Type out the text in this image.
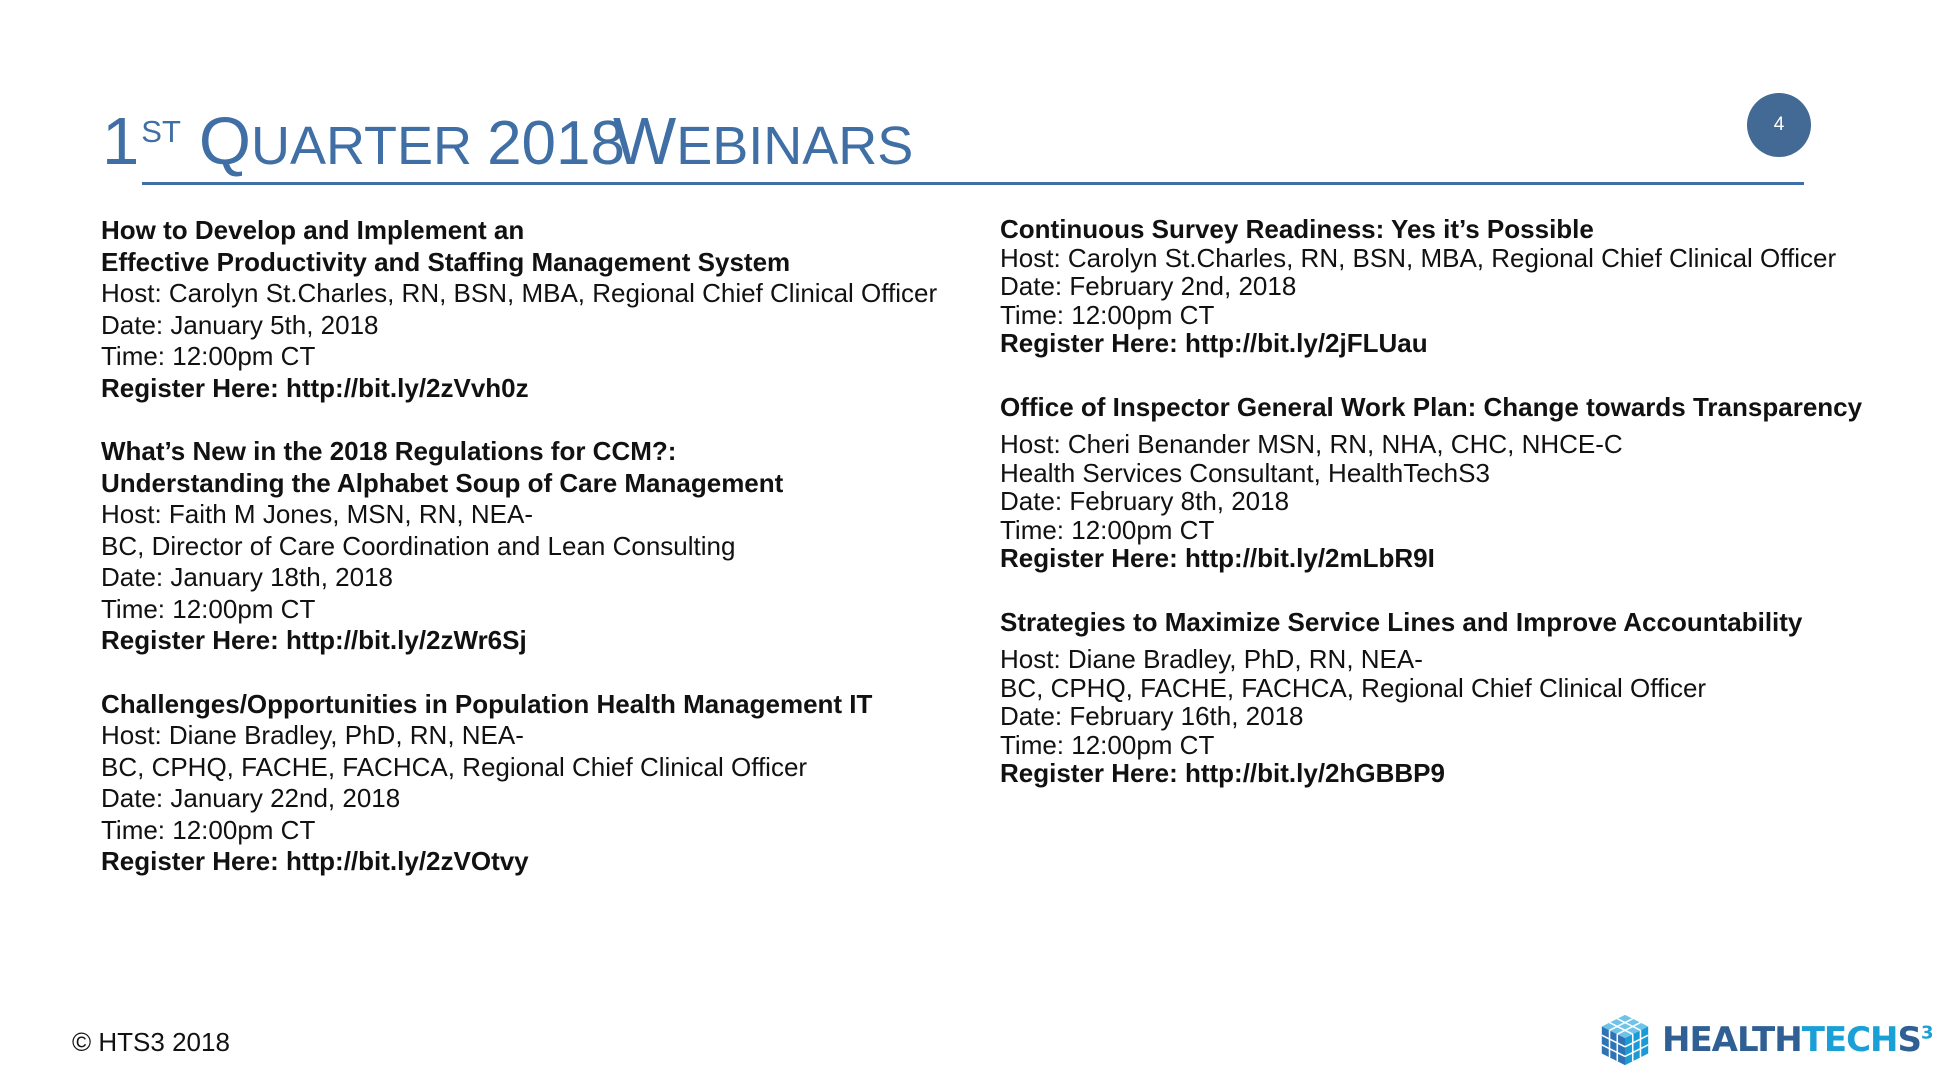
1ST QUARTER 2018WEBINARS	4
How to Develop and Implement an
Effective Productivity and Staffing Management System
Host: Carolyn St.Charles, RN, BSN, MBA, Regional Chief Clinical Officer
Date: January 5th, 2018
Time: 12:00pm CT
Register Here: http://bit.ly/2zVvh0z
What’s New in the 2018 Regulations for CCM?:
Understanding the Alphabet Soup of Care Management
Host: Faith M Jones, MSN, RN, NEA-
BC, Director of Care Coordination and Lean Consulting
Date: January 18th, 2018
Time: 12:00pm CT
Register Here: http://bit.ly/2zWr6Sj
Challenges/Opportunities in Population Health Management IT
Host: Diane Bradley, PhD, RN, NEA-
BC, CPHQ, FACHE, FACHCA, Regional Chief Clinical Officer
Date: January 22nd, 2018
Time: 12:00pm CT
Register Here: http://bit.ly/2zVOtvy
Continuous Survey Readiness: Yes it’s Possible
Host: Carolyn St.Charles, RN, BSN, MBA, Regional Chief Clinical Officer
Date: February 2nd, 2018
Time: 12:00pm CT
Register Here: http://bit.ly/2jFLUau
Office of Inspector General Work Plan: Change towards Transparency
Host: Cheri Benander MSN, RN, NHA, CHC, NHCE-C
Health Services Consultant, HealthTechS3
Date: February 8th, 2018
Time: 12:00pm CT
Register Here: http://bit.ly/2mLbR9I
Strategies to Maximize Service Lines and Improve Accountability
Host: Diane Bradley, PhD, RN, NEA-
BC, CPHQ, FACHE, FACHCA, Regional Chief Clinical Officer
Date: February 16th, 2018
Time: 12:00pm CT
Register Here: http://bit.ly/2hGBBP9
© HTS3 2018	HEALTHTECHS$^3$
